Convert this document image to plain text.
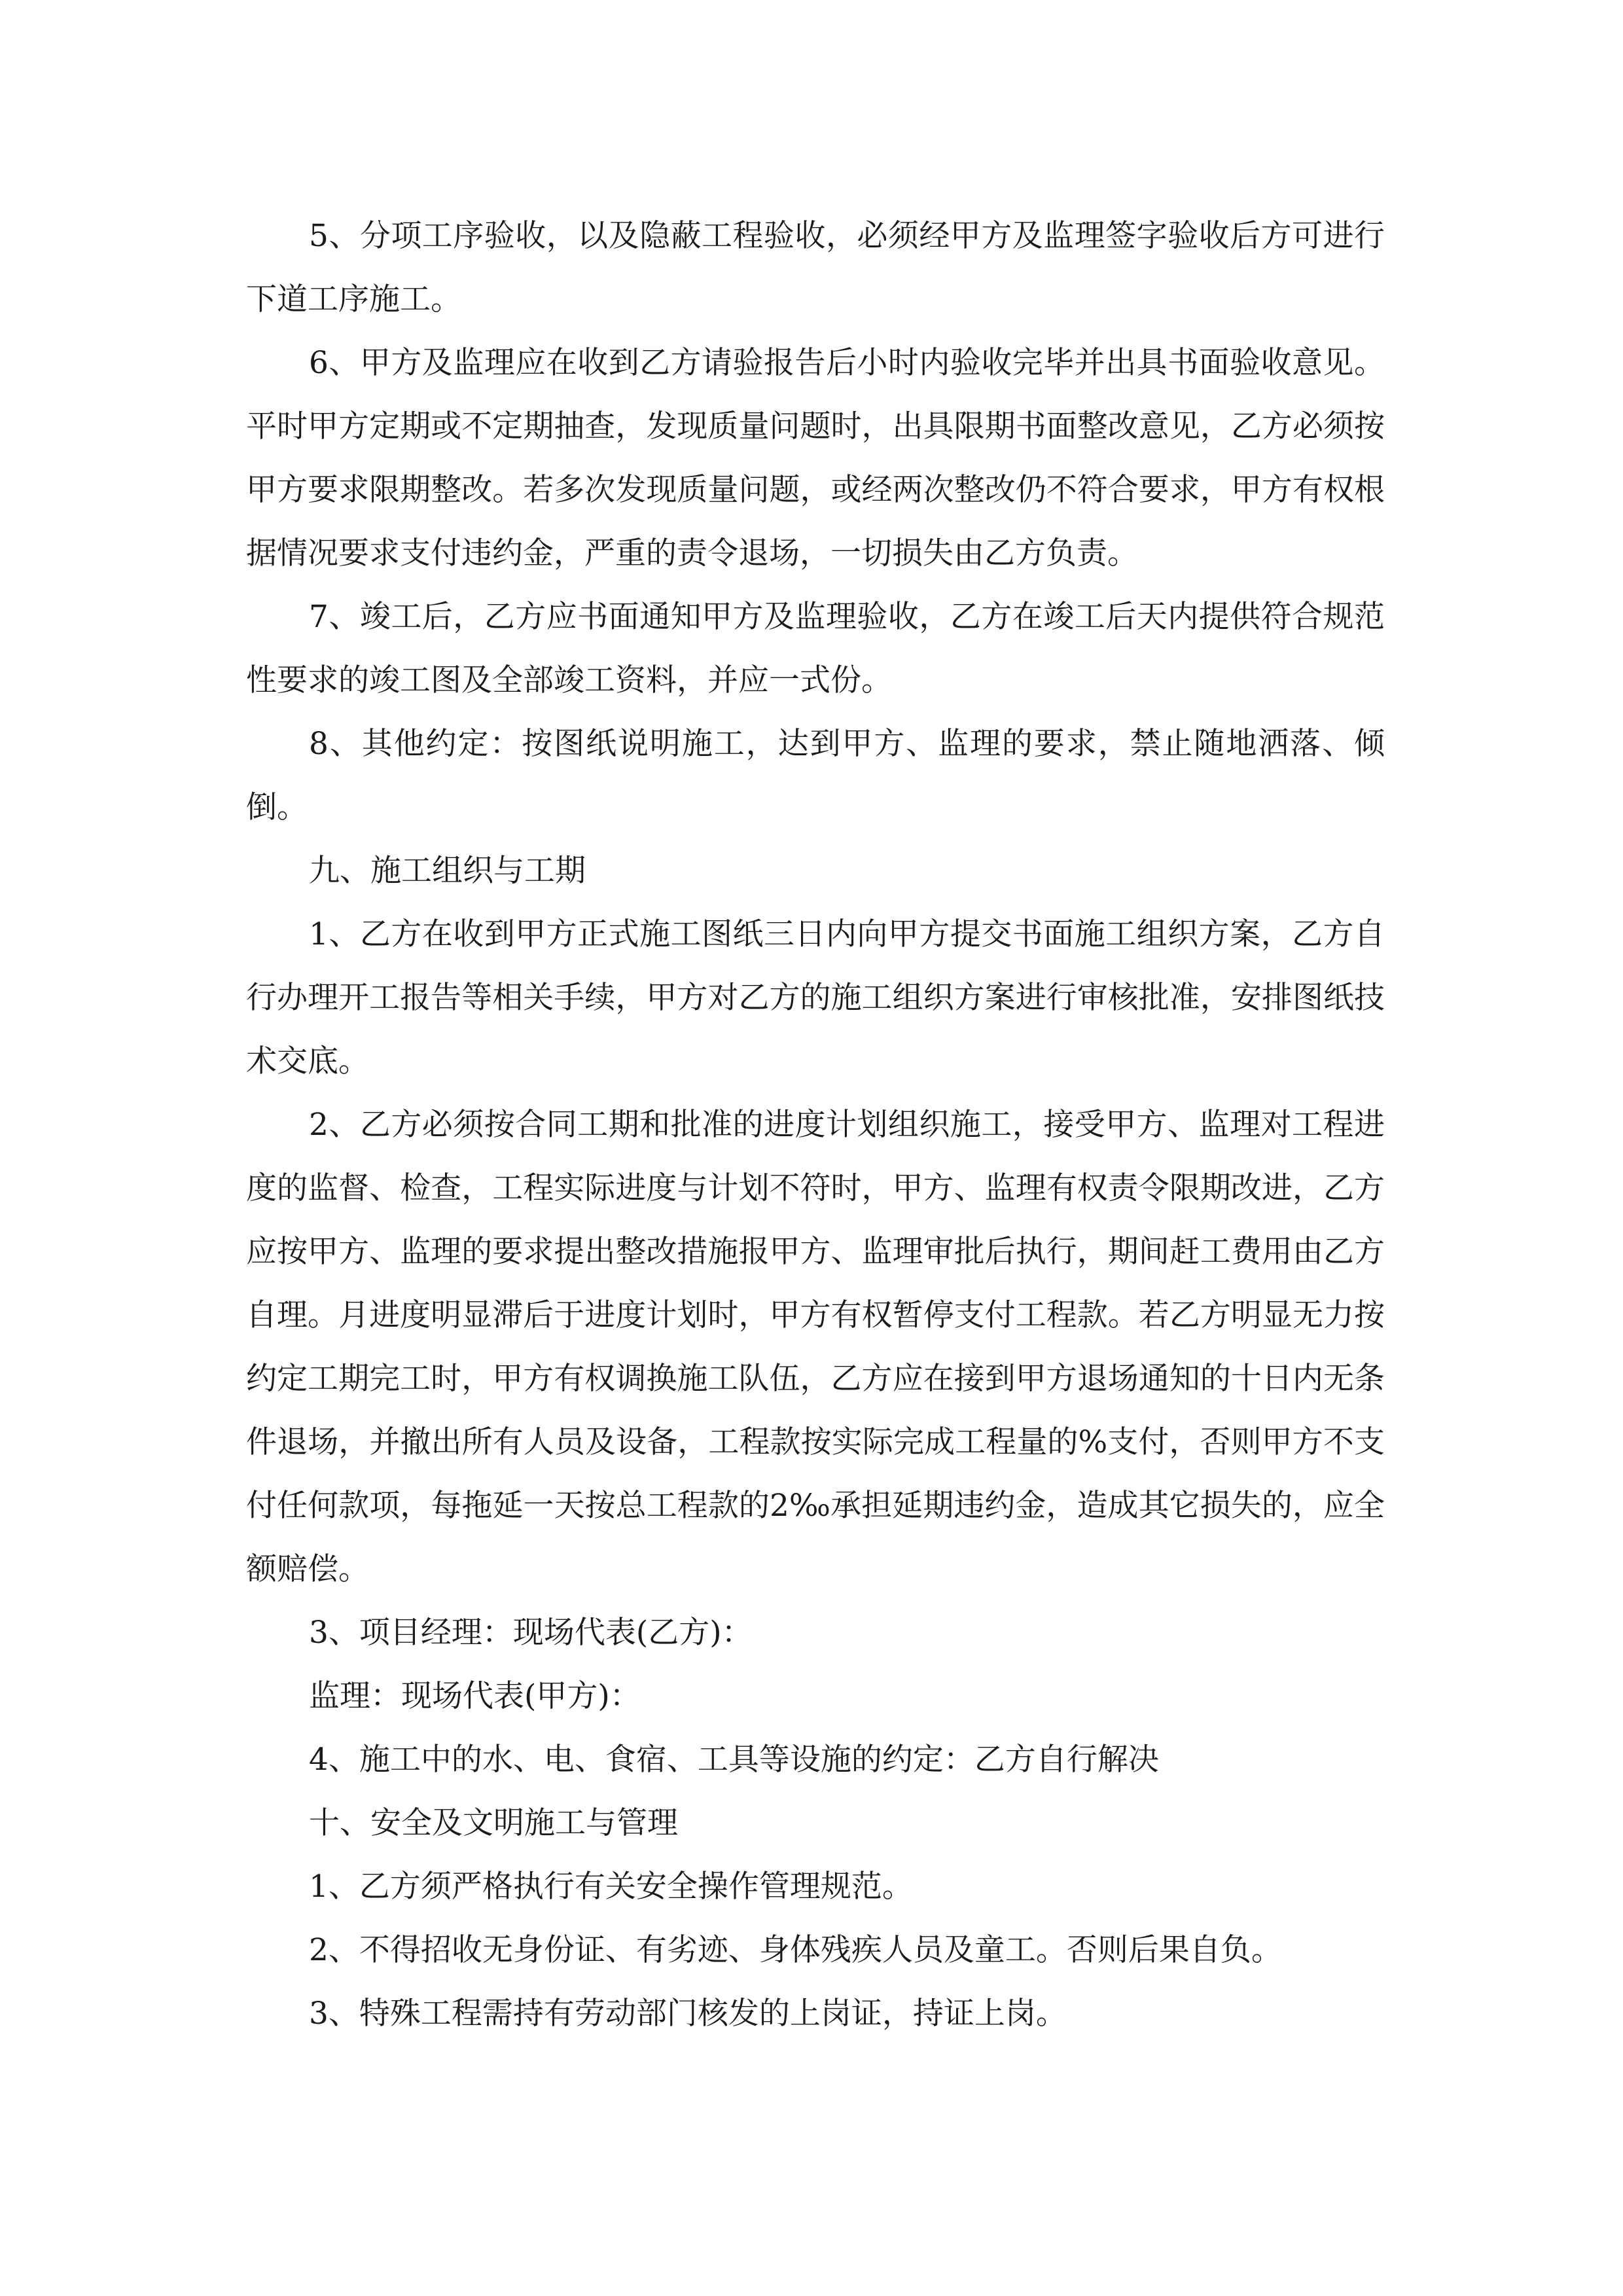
5、分项工序验收，以及隐蔽工程验收，必须经甲方及监理签字验收后方可进行下道工序施工。

6、甲方及监理应在收到乙方请验报告后小时内验收完毕并出具书面验收意见。平时甲方定期或不定期抽查，发现质量问题时，出具限期书面整改意见，乙方必须按甲方要求限期整改。若多次发现质量问题，或经两次整改仍不符合要求，甲方有权根据情况要求支付违约金，严重的责令退场，一切损失由乙方负责。

7、竣工后，乙方应书面通知甲方及监理验收，乙方在竣工后天内提供符合规范性要求的竣工图及全部竣工资料，并应一式份。

8、其他约定：按图纸说明施工，达到甲方、监理的要求，禁止随地洒落、倾倒。

九、施工组织与工期

1、乙方在收到甲方正式施工图纸三日内向甲方提交书面施工组织方案，乙方自行办理开工报告等相关手续，甲方对乙方的施工组织方案进行审核批准，安排图纸技术交底。

2、乙方必须按合同工期和批准的进度计划组织施工，接受甲方、监理对工程进度的监督、检查，工程实际进度与计划不符时，甲方、监理有权责令限期改进，乙方应按甲方、监理的要求提出整改措施报甲方、监理审批后执行，期间赶工费用由乙方自理。月进度明显滞后于进度计划时，甲方有权暂停支付工程款。若乙方明显无力按约定工期完工时，甲方有权调换施工队伍，乙方应在接到甲方退场通知的十日内无条件退场，并撤出所有人员及设备，工程款按实际完成工程量的%支付，否则甲方不支付任何款项，每拖延一天按总工程款的2‰承担延期违约金，造成其它损失的，应全额赔偿。

3、项目经理：现场代表(乙方)：

监理：现场代表(甲方)：

4、施工中的水、电、食宿、工具等设施的约定：乙方自行解决

十、安全及文明施工与管理

1、乙方须严格执行有关安全操作管理规范。

2、不得招收无身份证、有劣迹、身体残疾人员及童工。否则后果自负。

3、特殊工程需持有劳动部门核发的上岗证，持证上岗。
